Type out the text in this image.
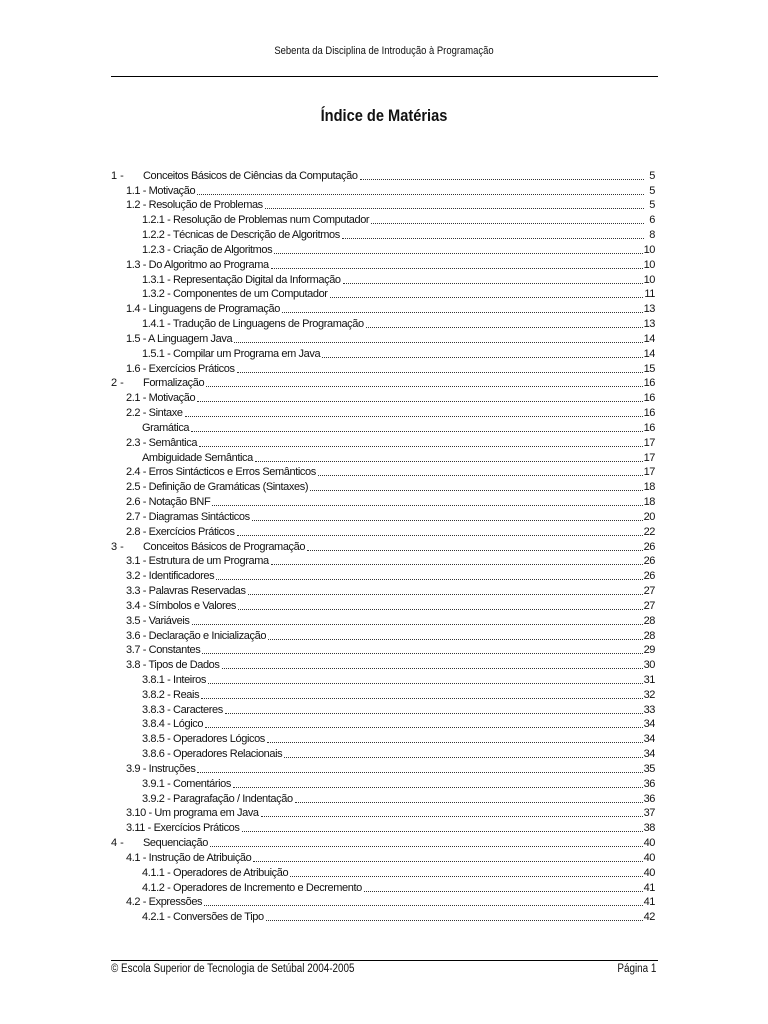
Sebenta da Disciplina de Introdução à Programação
Índice de Matérias
1 -	Conceitos Básicos de Ciências da Computação	5
1.1 - Motivação	5
1.2 - Resolução de Problemas	5
1.2.1 - Resolução de Problemas num Computador	6
1.2.2 - Técnicas de Descrição de Algoritmos	8
1.2.3 - Criação de Algoritmos	10
1.3 - Do Algoritmo ao Programa	10
1.3.1 - Representação Digital da Informação	10
1.3.2 - Componentes de um Computador	11
1.4 - Linguagens de Programação	13
1.4.1 - Tradução de Linguagens de Programação	13
1.5 - A Linguagem Java	14
1.5.1 - Compilar um Programa em Java	14
1.6 - Exercícios Práticos	15
2 -	Formalização	16
2.1 - Motivação	16
2.2 - Sintaxe	16
Gramática	16
2.3 - Semântica	17
Ambiguidade Semântica	17
2.4 - Erros Sintácticos e Erros Semânticos	17
2.5 - Definição de Gramáticas (Sintaxes)	18
2.6 - Notação BNF	18
2.7 - Diagramas Sintácticos	20
2.8 - Exercícios Práticos	22
3 -	Conceitos Básicos de Programação	26
3.1 - Estrutura de um Programa	26
3.2 - Identificadores	26
3.3 - Palavras Reservadas	27
3.4 - Símbolos e Valores	27
3.5 - Variáveis	28
3.6 - Declaração e Inicialização	28
3.7 - Constantes	29
3.8 - Tipos de Dados	30
3.8.1 - Inteiros	31
3.8.2 - Reais	32
3.8.3 - Caracteres	33
3.8.4 - Lógico	34
3.8.5 - Operadores Lógicos	34
3.8.6 - Operadores Relacionais	34
3.9 - Instruções	35
3.9.1 - Comentários	36
3.9.2 - Paragrafação / Indentação	36
3.10 - Um programa em Java	37
3.11 - Exercícios Práticos	38
4 -	Sequenciação	40
4.1 - Instrução de Atribuição	40
4.1.1 - Operadores de Atribuição	40
4.1.2 - Operadores de Incremento e Decremento	41
4.2 - Expressões	41
4.2.1 - Conversões de Tipo	42
© Escola Superior de Tecnologia de Setúbal 2004-2005	Página 1
